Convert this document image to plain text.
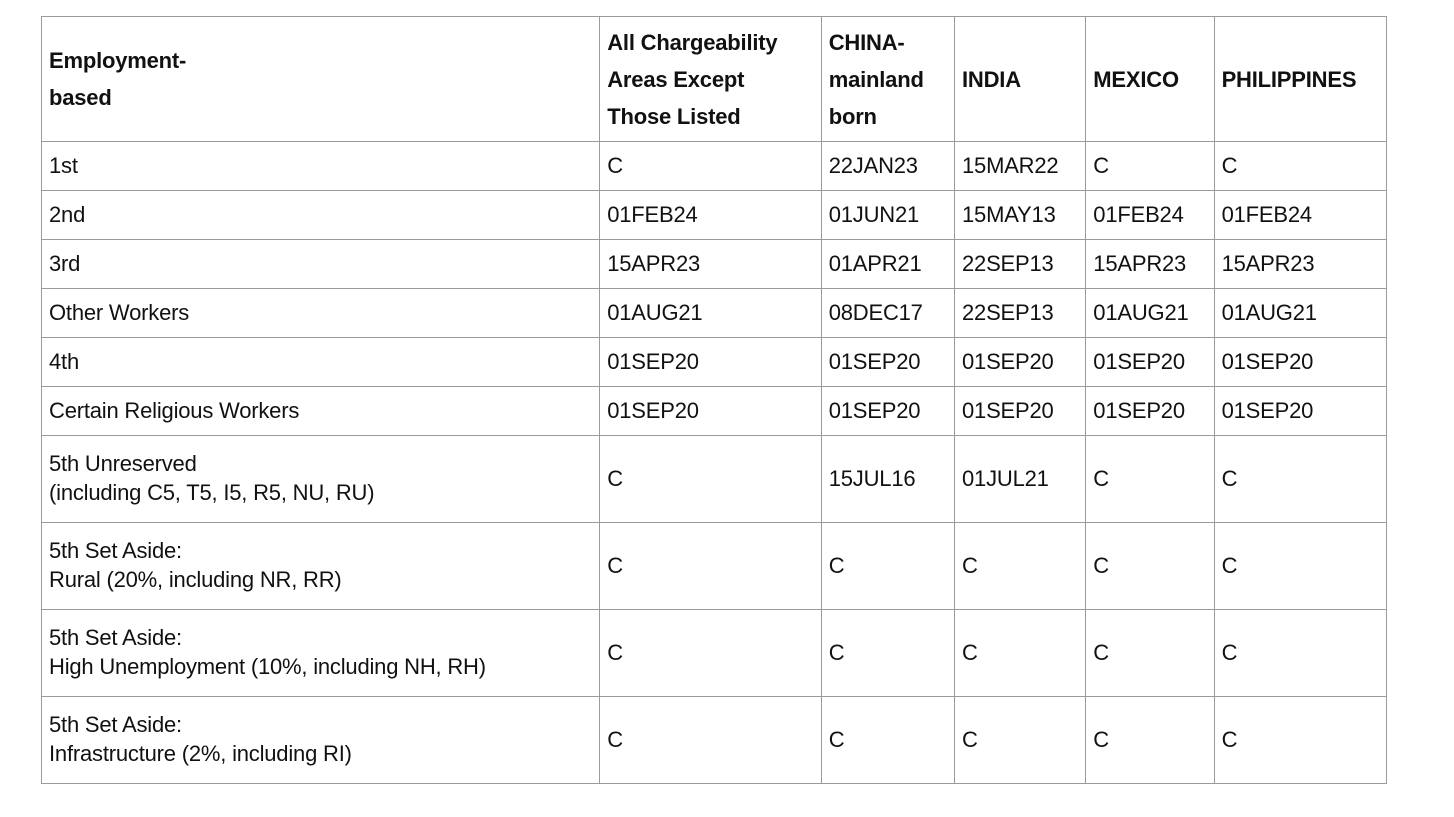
Employment-
based	All Chargeability
Areas Except
Those Listed	CHINA-
mainland
born	INDIA	MEXICO	PHILIPPINES

1st	C	22JAN23	15MAR22	C	C

2nd	01FEB24	01JUN21	15MAY13	01FEB24	01FEB24

3rd	15APR23	01APR21	22SEP13	15APR23	15APR23

Other Workers	01AUG21	08DEC17	22SEP13	01AUG21	01AUG21

4th	01SEP20	01SEP20	01SEP20	01SEP20	01SEP20

Certain Religious Workers	01SEP20	01SEP20	01SEP20	01SEP20	01SEP20

5th Unreserved
(including C5, T5, I5, R5, NU, RU)	C	15JUL16	01JUL21	C	C

5th Set Aside:
Rural (20%, including NR, RR)	C	C	C	C	C

5th Set Aside:
High Unemployment (10%, including NH, RH)	C	C	C	C	C

5th Set Aside:
Infrastructure (2%, including RI)	C	C	C	C	C
